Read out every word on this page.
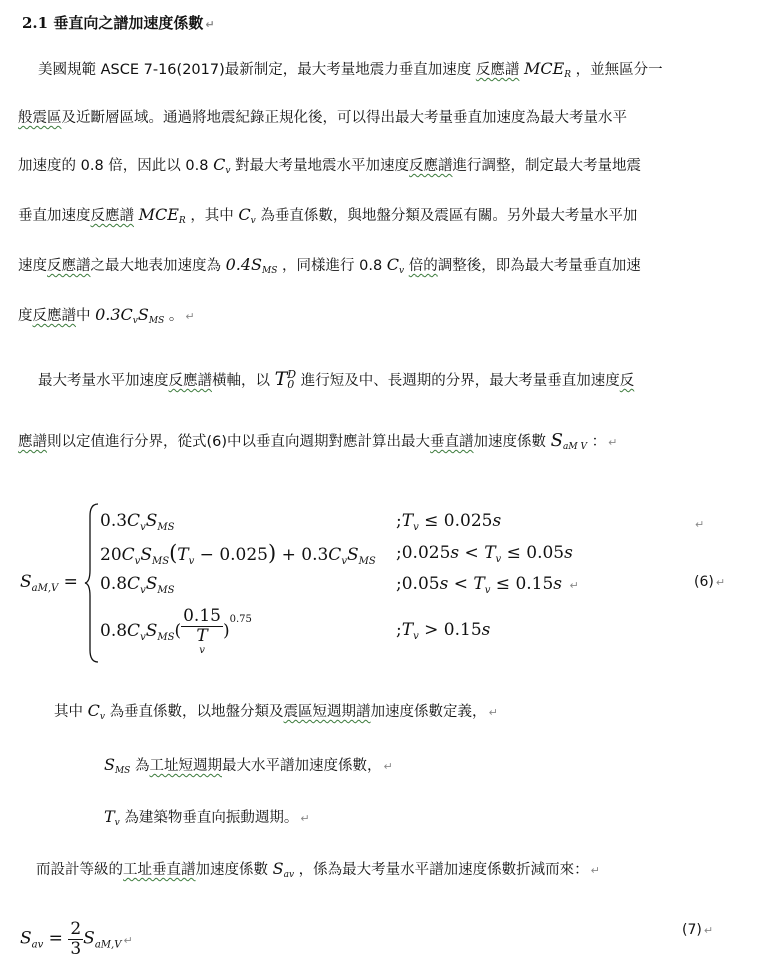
2.1 垂直向之譜加速度係數 ↵
美國規範 ASCE 7-16(2017)最新制定，最大考量地震力垂直加速度 反應譜 $MCE_R$ ，並無區分一
般震區及近斷層區域。通過將地震紀錄正規化後，可以得出最大考量垂直加速度為最大考量水平
加速度的 0.8 倍，因此以 0.8 $C_v$ 對最大考量地震水平加速度反應譜進行調整，制定最大考量地震
垂直加速度反應譜 $MCE_R$ ，其中 $C_v$ 為垂直係數，與地盤分類及震區有關。另外最大考量水平加
速度反應譜之最大地表加速度為 $0.4S_{MS}$ ，同樣進行 0.8 $C_v$ 倍的調整後，即為最大考量垂直加速
度反應譜中 $0.3C_vS_{MS}$ 。 ↵
最大考量水平加速度反應譜橫軸，以 T D
0 進行短及中、長週期的分界，最大考量垂直加速度反
應譜則以定值進行分界，從式(6)中以垂直向週期對應計算出最大垂直譜加速度係數 $S_{aM V}$ ： ↵
$S_{aM,V}$ =
$0.3C_vS_{MS}$	$;T_v \le 0.025s$	↵
$20C_vS_{MS}(T_v - 0.025) + 0.3C_vS_{MS}$ ;0.025s < $T_v \le 0.05s$
$0.8C_vS_{MS}$	;0.05s < $T_v \le 0.15s$ ↵	(6) ↵
$0.8C_vS_{MS}$( 0.15
T
v )$^{0.75}$
$;T_v > 0.15s$
其中 $C_v$ 為垂直係數，以地盤分類及震區短週期譜加速度係數定義， ↵
$S_{MS}$ 為工址短週期最大水平譜加速度係數， ↵
$T_v$ 為建築物垂直向振動週期。 ↵
而設計等級的工址垂直譜加速度係數 $S_{av}$ ，係為最大考量水平譜加速度係數折減而來： ↵
$S_{av} = \frac{2}{3} S_{aM,V}$ ↵
(7) ↵
